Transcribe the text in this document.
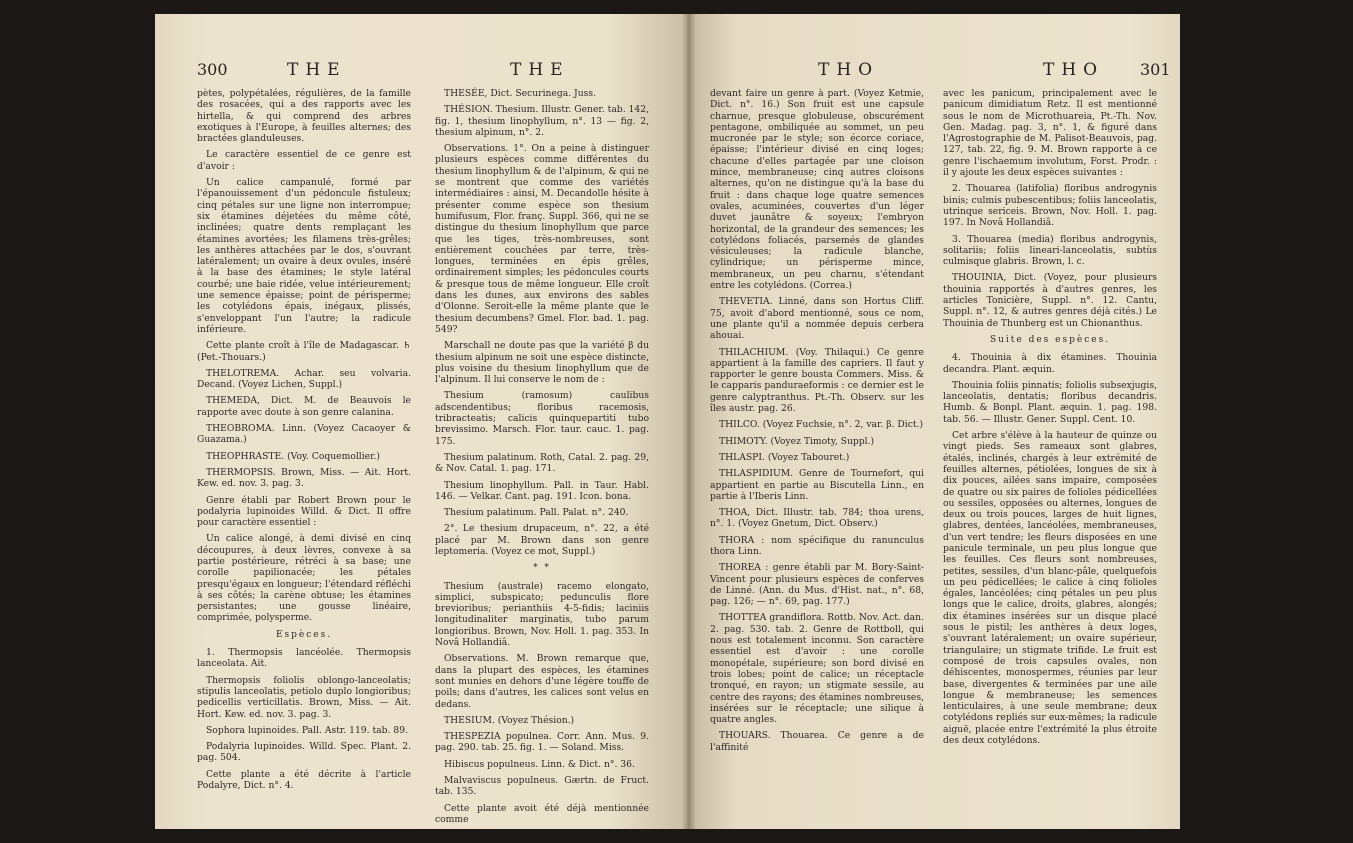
300	THE	THE

pètes, polypétalées, régulières, de la famille des rosacées, qui a des rapports avec les hirtella, & qui comprend des arbres exotiques à l'Europe, à feuilles alternes; des bractées glanduleuses.

Le caractère essentiel de ce genre est d'avoir :

Un calice campanulé, formé par l'épanouissement d'un pédoncule fistuleux; cinq pétales sur une ligne non interrompue; six étamines déjetées du même côté, inclinées; quatre dents remplaçant les étamines avortées; les filamens très-grêles; les anthères attachées par le dos, s'ouvrant latéralement; un ovaire à deux ovules, inséré à la base des étamines; le style latéral courbé; une baie ridée, velue intérieurement; une semence épaisse; point de périsperme; les cotylédons épais, inégaux, plissés, s'enveloppant l'un l'autre; la radicule inférieure.

Cette plante croît à l'île de Madagascar. ♄ (Pet.-Thouars.)

THELOTREMA. Achar. seu volvaria. Decand. (Voyez Lichen, Suppl.)

THEMEDA, Dict. M. de Beauvois le rapporte avec doute à son genre calanina.

THEOBROMA. Linn. (Voyez Cacaoyer & Guazama.)

THEOPHRASTE. (Voy. Coquemollier.)

THERMOPSIS. Brown, Miss. — Ait. Hort. Kew. ed. nov. 3. pag. 3.

Genre établi par Robert Brown pour le podalyria lupinoides Willd. & Dict. Il offre pour caractère essentiel :

Un calice alongé, à demi divisé en cinq découpures, à deux lèvres, convexe à sa partie postérieure, rétréci à sa base; une corolle papilionacée; les pétales presqu'égaux en longueur; l'étendard réfléchi à ses côtés; la carène obtuse; les étamines persistantes; une gousse linéaire, comprimée, polysperme.

Espèces.

1. Thermopsis lancéolée. Thermopsis lanceolata. Ait.

Thermopsis foliolis oblongo-lanceolatis; stipulis lanceolatis, petiolo duplo longioribus; pedicellis verticillatis. Brown, Miss. — Ait. Hort. Kew. ed. nov. 3. pag. 3.

Sophora lupinoides. Pall. Astr. 119. tab. 89.

Podalyria lupinoides. Willd. Spec. Plant. 2. pag. 504.

Cette plante a été décrite à l'article Podalyre, Dict. n°. 4.

THESÉE, Dict. Securinega. Juss.

THÉSION. Thesium. Illustr. Gener. tab. 142, fig. 1, thesium linophyllum, n°. 13 — fig. 2, thesium alpinum, n°. 2.

Observations. 1°. On a peine à distinguer plusieurs espèces comme différentes du thesium linophyllum & de l'alpinum, & qui ne se montrent que comme des variétés intermédiaires : ainsi, M. Decandolle hésite à présenter comme espèce son thesium humifusum, Flor. franç. Suppl. 366, qui ne se distingue du thesium linophyllum que parce que les tiges, très-nombreuses, sont entièrement couchées par terre, très-longues, terminées en épis grêles, ordinairement simples; les pédoncules courts & presque tous de même longueur. Elle croît dans les dunes, aux environs des sables d'Olonne. Seroit-elle la même plante que le thesium decumbens? Gmel. Flor. bad. 1. pag. 549?

Marschall ne doute pas que la variété β du thesium alpinum ne soit une espèce distincte, plus voisine du thesium linophyllum que de l'alpinum. Il lui conserve le nom de :

Thesium (ramosum) caulibus adscendentibus; floribus racemosis, tribracteatis; calicis quinquepartiti tubo brevissimo. Marsch. Flor. taur. cauc. 1. pag. 175.

Thesium palatinum. Roth, Catal. 2. pag. 29, & Nov. Catal. 1. pag. 171.

Thesium linophyllum. Pall. in Taur. Habl. 146. — Velkar. Cant. pag. 191. Icon. bona.

Thesium palatinum. Pall. Palat. n°. 240.

2°. Le thesium drupaceum, n°. 22, a été placé par M. Brown dans son genre leptomeria. (Voyez ce mot, Suppl.)

* *

Thesium (australe) racemo elongato, simplici, subspicato; pedunculis flore brevioribus; perianthiis 4-5-fidis; laciniis longitudinaliter marginatis, tubo parum longioribus. Brown, Nov. Holl. 1. pag. 353. In Novâ Hollandiâ.

Observations. M. Brown remarque que, dans la plupart des espèces, les étamines sont munies en dehors d'une légère touffe de poils; dans d'autres, les calices sont velus en dedans.

THESIUM. (Voyez Thésion.)

THESPEZIA populnea. Corr. Ann. Mus. 9. pag. 290. tab. 25. fig. 1. — Soland. Miss.

Hibiscus populneus. Linn. & Dict. n°. 36.

Malvaviscus populneus. Gærtn. de Fruct. tab. 135.

Cette plante avoit été déjà mentionnée comme

THO	THO 301

devant faire un genre à part. (Voyez Ketmie, Dict. n°. 16.) Son fruit est une capsule charnue, presque globuleuse, obscurément pentagone, ombiliquée au sommet, un peu mucronée par le style; son écorce coriace, épaisse; l'intérieur divisé en cinq loges; chacune d'elles partagée par une cloison mince, membraneuse; cinq autres cloisons alternes, qu'on ne distingue qu'à la base du fruit : dans chaque loge quatre semences ovales, acuminées, couvertes d'un léger duvet jaunâtre & soyeux; l'embryon horizontal, de la grandeur des semences; les cotylédons foliacés, parsemés de glandes vésiculeuses; la radicule blanche, cylindrique; un périsperme mince, membraneux, un peu charnu, s'étendant entre les cotylédons. (Correa.)

THEVETIA. Linné, dans son Hortus Cliff. 75, avoit d'abord mentionné, sous ce nom, une plante qu'il a nommée depuis cerbera ahouai.

THILACHIUM. (Voy. Thilaqui.) Ce genre appartient à la famille des capriers. Il faut y rapporter le genre bousta Commers. Miss. & le capparis panduraeformis : ce dernier est le genre calyptranthus. Pt.-Th. Observ. sur les îles austr. pag. 26.

THILCO. (Voyez Fuchsie, n°. 2, var. β. Dict.)

THIMOTY. (Voyez Timoty, Suppl.)

THLASPI. (Voyez Tabouret.)

THLASPIDIUM. Genre de Tournefort, qui appartient en partie au Biscutella Linn., en partie à l'Iberis Linn.

THOA, Dict. Illustr. tab. 784; thoa urens, n°. 1. (Voyez Gnetum, Dict. Observ.)

THORA : nom spécifique du ranunculus thora Linn.

THOREA : genre établi par M. Bory-Saint-Vincent pour plusieurs espèces de conferves de Linné. (Ann. du Mus. d'Hist. nat., n°. 68, pag. 126; — n°. 69, pag. 177.)

THOTTEA grandiflora. Rottb. Nov. Act. dan. 2. pag. 530. tab. 2. Genre de Rottboll, qui nous est totalement inconnu. Son caractère essentiel est d'avoir : une corolle monopétale, supérieure; son bord divisé en trois lobes; point de calice; un réceptacle tronqué, en rayon; un stigmate sessile, au centre des rayons; des étamines nombreuses, insérées sur le réceptacle; une silique à quatre angles.

THOUARS. Thouarea. Ce genre a de l'affinité

avec les panicum, principalement avec le panicum dimidiatum Retz. Il est mentionné sous le nom de Microthuareia, Pt.-Th. Nov. Gen. Madag. pag. 3, n°. 1, & figuré dans l'Agrostographie de M. Palisot-Beauvois, pag. 127, tab. 22, fig. 9. M. Brown rapporte à ce genre l'ischaemum involutum, Forst. Prodr. : il y ajoute les deux espèces suivantes :

2. Thouarea (latifolia) floribus androgynis binis; culmis pubescentibus; foliis lanceolatis, utrinque sericeis. Brown, Nov. Holl. 1. pag. 197. In Novâ Hollandiâ.

3. Thouarea (media) floribus androgynis, solitariis; foliis lineari-lanceolatis, subtùs culmisque glabris. Brown, l. c.

THOUINIA, Dict. (Voyez, pour plusieurs thouinia rapportés à d'autres genres, les articles Tonicière, Suppl. n°. 12. Cantu, Suppl. n°. 12, & autres genres déjà cités.) Le Thouinia de Thunberg est un Chionanthus.

Suite des espèces.

4. Thouinia à dix étamines. Thouinia decandra. Plant. æquin.

Thouinia foliis pinnatis; foliolis subsexjugis, lanceolatis, dentatis; floribus decandris. Humb. & Bonpl. Plant. æquin. 1. pag. 198. tab. 56. — Illustr. Gener. Suppl. Cent. 10.

Cet arbre s'élève à la hauteur de quinze ou vingt pieds. Ses rameaux sont glabres, étalés, inclinés, chargés à leur extrémité de feuilles alternes, pétiolées, longues de six à dix pouces, ailées sans impaire, composées de quatre ou six paires de folioles pédicellées ou sessiles, opposées ou alternes, longues de deux ou trois pouces, larges de huit lignes, glabres, dentées, lancéolées, membraneuses, d'un vert tendre; les fleurs disposées en une panicule terminale, un peu plus longue que les feuilles. Ces fleurs sont nombreuses, petites, sessiles, d'un blanc-pâle, quelquefois un peu pédicellées; le calice à cinq folioles égales, lancéolées; cinq pétales un peu plus longs que le calice, droits, glabres, alongés; dix étamines insérées sur un disque placé sous le pistil; les anthères à deux loges, s'ouvrant latéralement; un ovaire supérieur, triangulaire; un stigmate trifide. Le fruit est composé de trois capsules ovales, non déhiscentes, monospermes, réunies par leur base, divergentes & terminées par une aile longue & membraneuse; les semences lenticulaires, à une seule membrane; deux cotylédons repliés sur eux-mêmes; la radicule aiguë, placée entre l'extrémité la plus étroite des deux cotylédons.
